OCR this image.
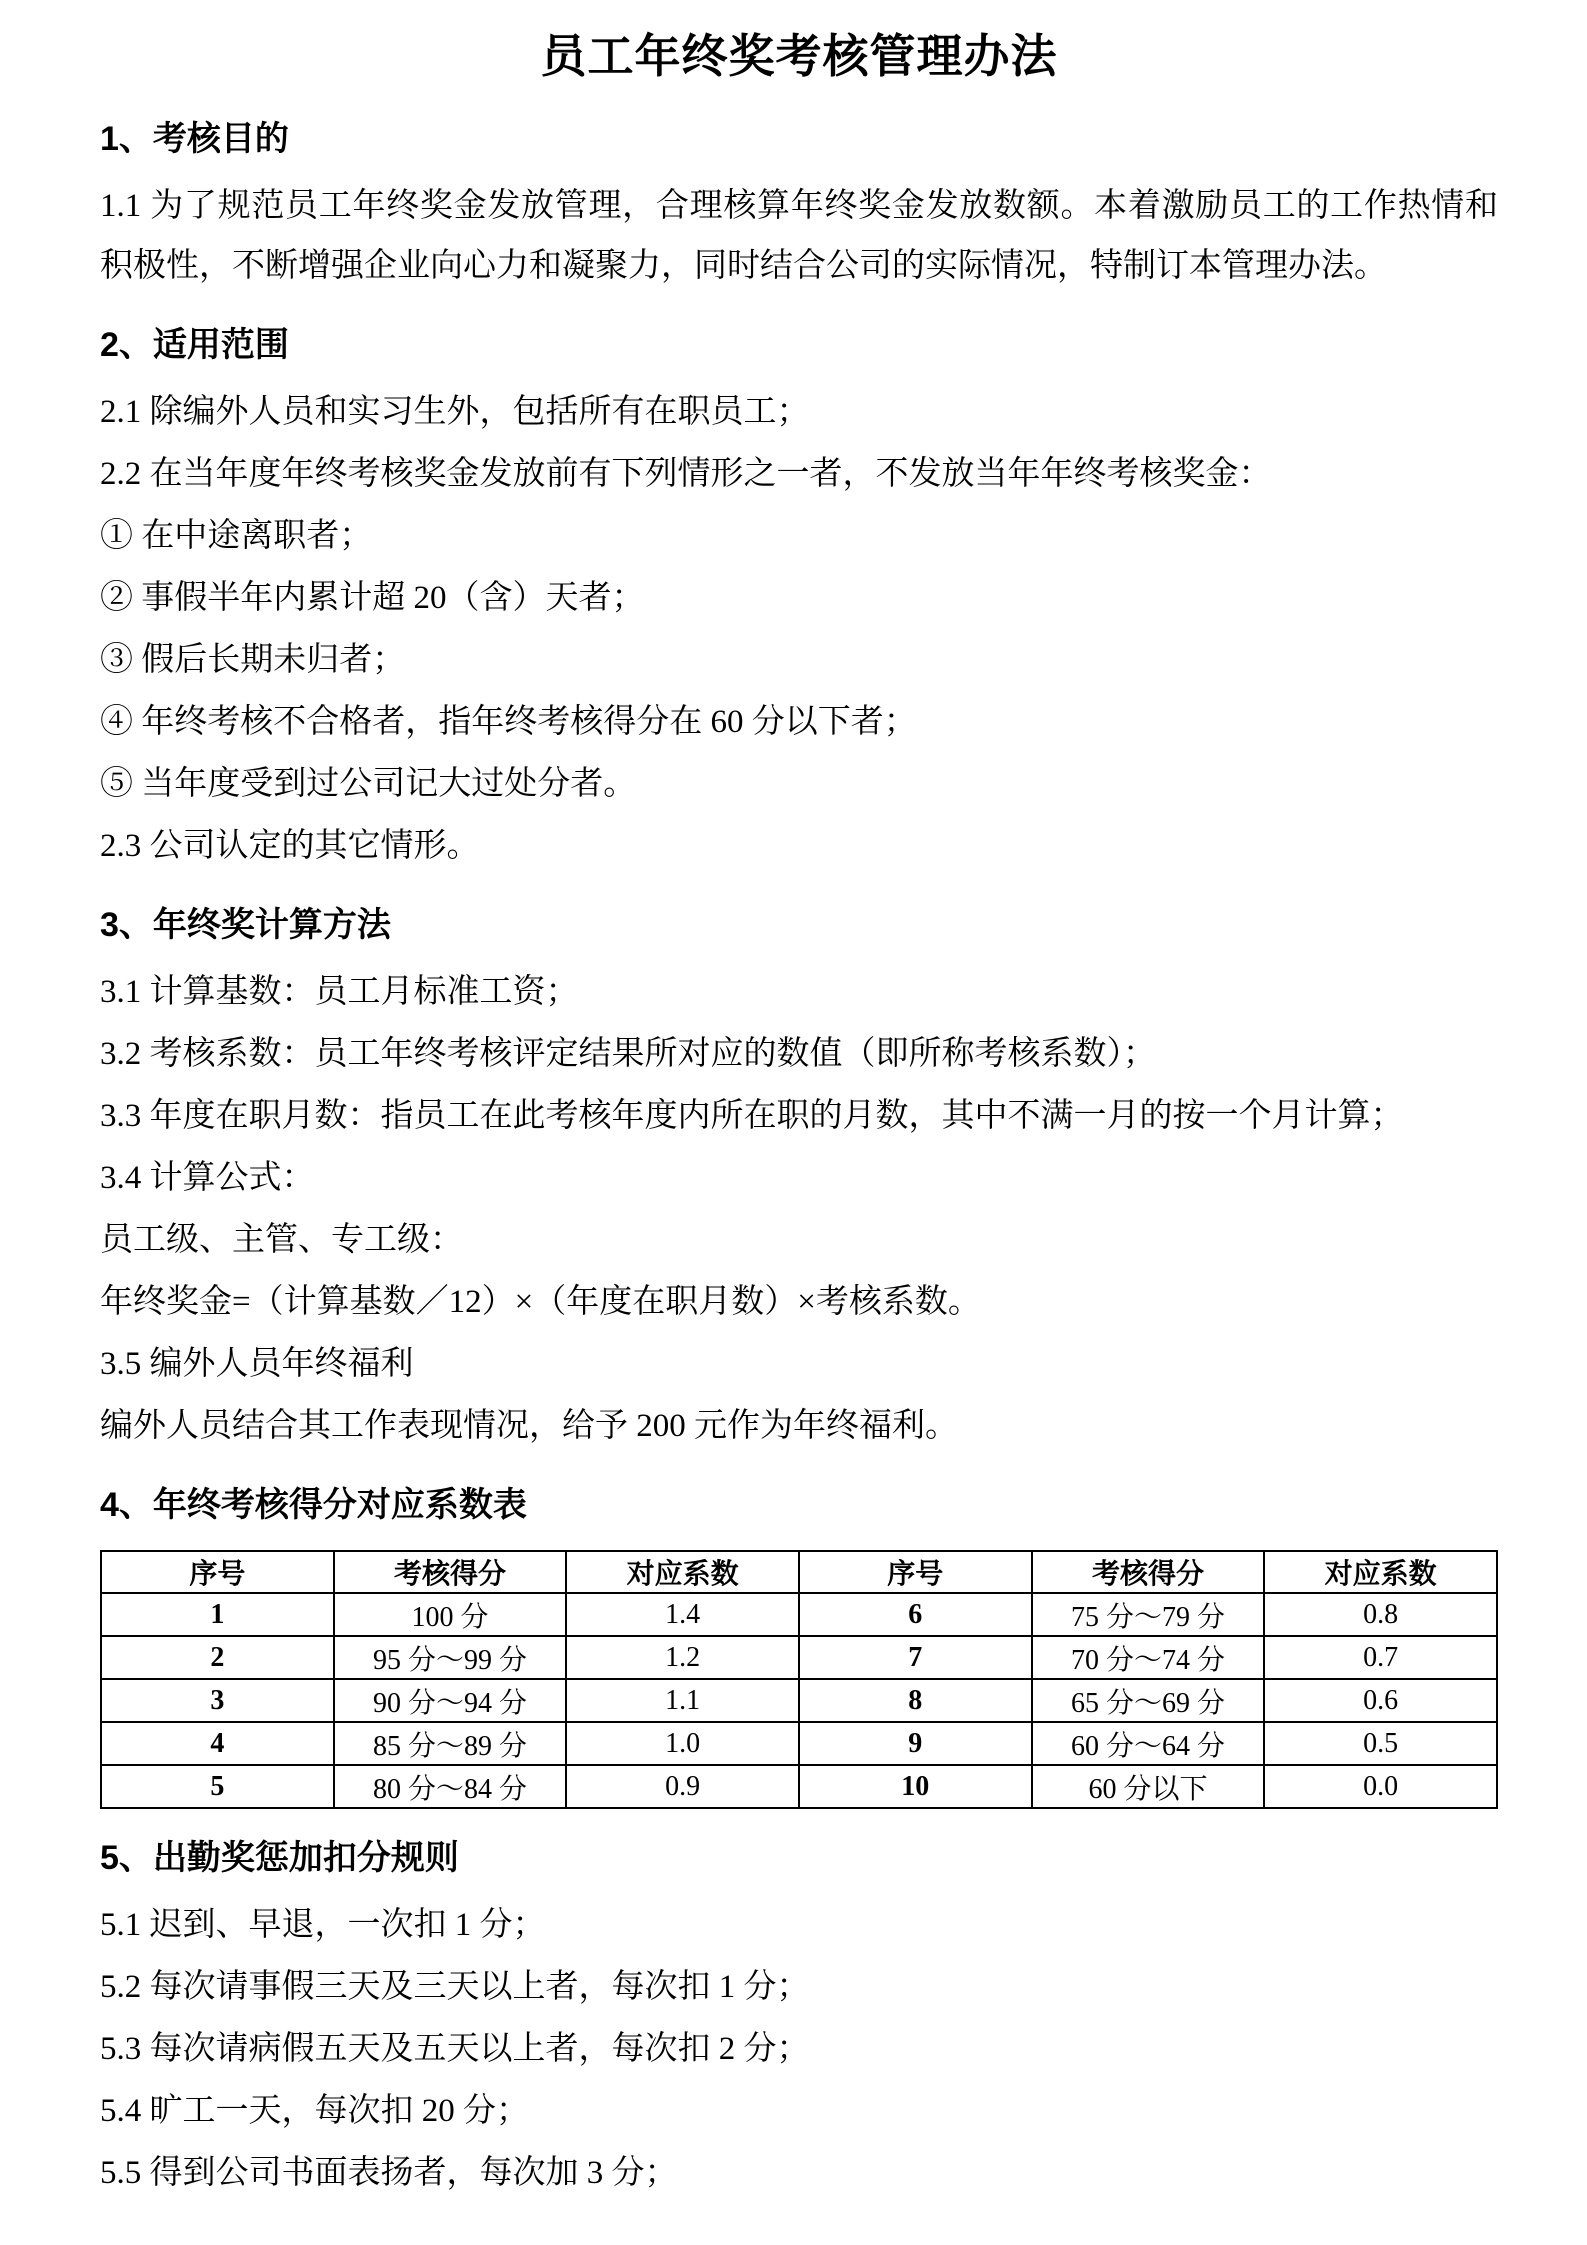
员工年终奖考核管理办法
1、考核目的

1.1 为了规范员工年终奖金发放管理，合理核算年终奖金发放数额。本着激励员工的工作热情和积极性，不断增强企业向心力和凝聚力，同时结合公司的实际情况，特制订本管理办法。

2、适用范围

2.1 除编外人员和实习生外，包括所有在职员工；

2.2 在当年度年终考核奖金发放前有下列情形之一者，不发放当年年终考核奖金：

① 在中途离职者；

② 事假半年内累计超 20（含）天者；

③ 假后长期未归者；

④ 年终考核不合格者，指年终考核得分在 60 分以下者；

⑤ 当年度受到过公司记大过处分者。

2.3 公司认定的其它情形。

3、年终奖计算方法

3.1 计算基数：员工月标准工资；

3.2 考核系数：员工年终考核评定结果所对应的数值（即所称考核系数）；

3.3 年度在职月数：指员工在此考核年度内所在职的月数，其中不满一月的按一个月计算；

3.4 计算公式：

员工级、主管、专工级：

年终奖金=（计算基数／12）×（年度在职月数）×考核系数。

3.5 编外人员年终福利

编外人员结合其工作表现情况，给予 200 元作为年终福利。

4、年终考核得分对应系数表
序号	考核得分	对应系数	序号	考核得分	对应系数
1	100 分	1.4	6	75 分～79 分	0.8
2	95 分～99 分	1.2	7	70 分～74 分	0.7
3	90 分～94 分	1.1	8	65 分～69 分	0.6
4	85 分～89 分	1.0	9	60 分～64 分	0.5
5	80 分～84 分	0.9	10	60 分以下	0.0
5、出勤奖惩加扣分规则

5.1 迟到、早退，一次扣 1 分；

5.2 每次请事假三天及三天以上者，每次扣 1 分；

5.3 每次请病假五天及五天以上者，每次扣 2 分；

5.4 旷工一天，每次扣 20 分；

5.5 得到公司书面表扬者，每次加 3 分；
